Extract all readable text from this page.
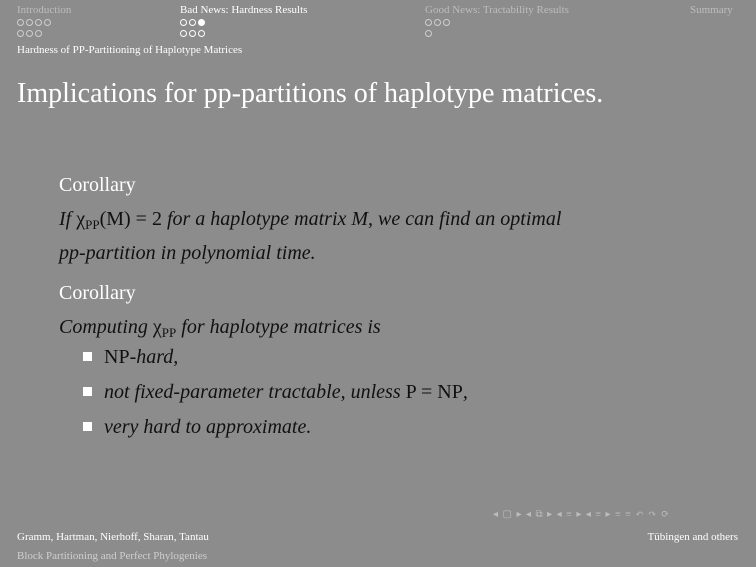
Introduction	Bad News: Hardness Results	Good News: Tractability Results	Summary
Hardness of PP-Partitioning of Haplotype Matrices
Implications for pp-partitions of haplotype matrices.
Corollary
If $\chi_{PP}(M) = 2$ for a haplotype matrix M, we can find an optimal
pp-partition in polynomial time.
Corollary
Computing $\chi_{PP}$ for haplotype matrices is
NP-hard,
not fixed-parameter tractable, unless P = NP,
very hard to approximate.
◂ ▢ ▸ ◂ ⧉ ▸ ◂ ≡ ▸ ◂ ≡ ▸ ≡ ≡ ↶ ↷ ⟳
Gramm, Hartman, Nierhoff, Sharan, Tantau	Tübingen and others
Block Partitioning and Perfect Phylogenies
